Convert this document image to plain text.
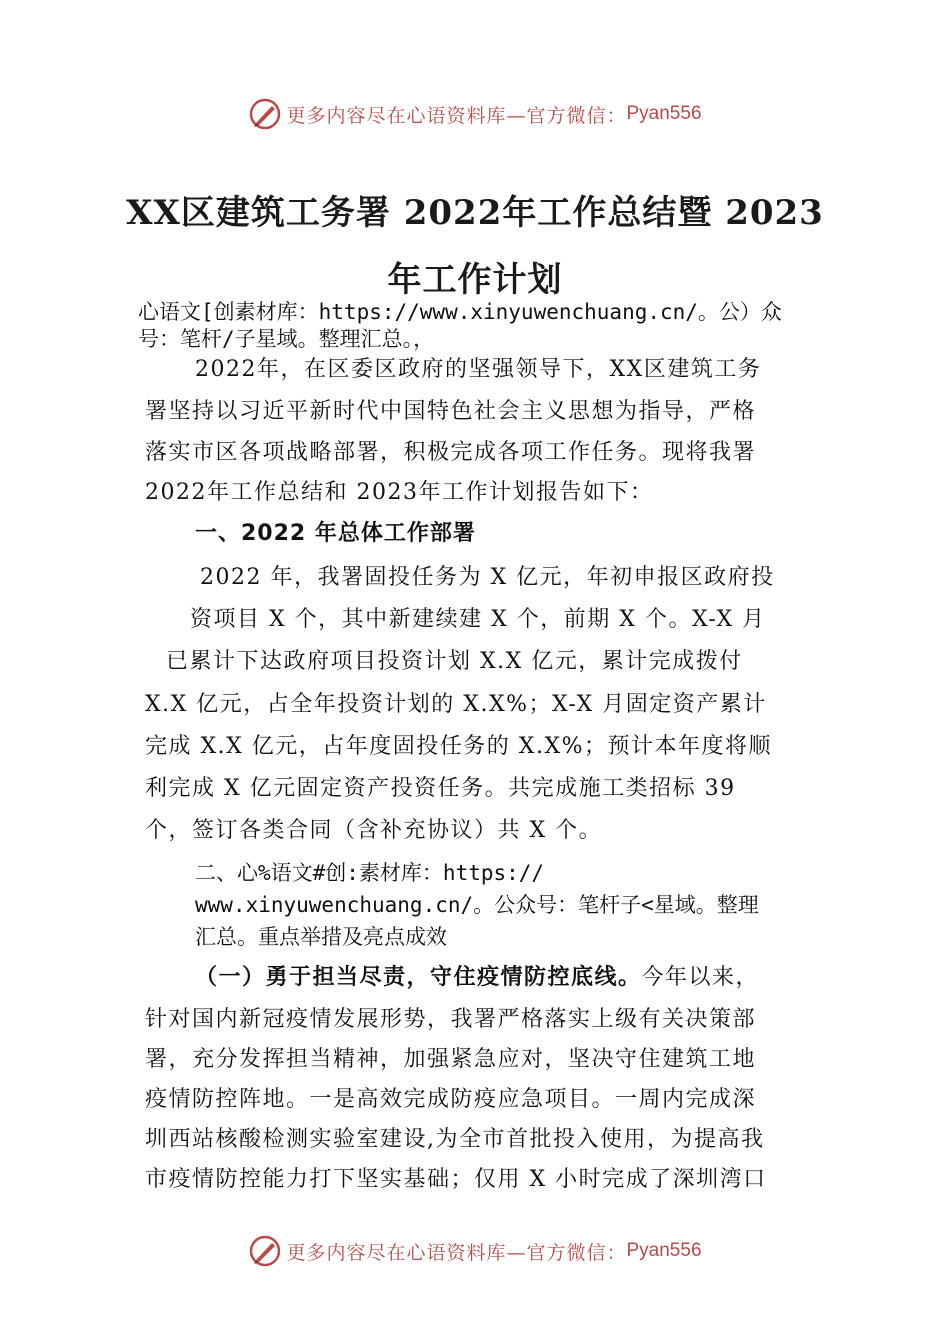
更多内容尽在心语资料库—官方微信： Pyan556
XX区建筑工务署 2022年工作总结暨 2023
年工作计划
心语文[创素材库：https://www.xinyuwenchuang.cn/。公）众
号：笔杆/子星域。整理汇总。，
2022年，在区委区政府的坚强领导下，XX区建筑工务
署坚持以习近平新时代中国特色社会主义思想为指导，严格
落实市区各项战略部署，积极完成各项工作任务。现将我署
2022年工作总结和 2023年工作计划报告如下：
一、2022 年总体工作部署
2022 年，我署固投任务为 X 亿元，年初申报区政府投
资项目 X 个，其中新建续建 X 个，前期 X 个。X-X 月
已累计下达政府项目投资计划 X.X 亿元，累计完成拨付
X.X 亿元，占全年投资计划的 X.X%；X-X 月固定资产累计
完成 X.X 亿元，占年度固投任务的 X.X%；预计本年度将顺
利完成 X 亿元固定资产投资任务。共完成施工类招标 39
个，签订各类合同（含补充协议）共 X 个。
二、心%语文#创:素材库：https://
www.xinyuwenchuang.cn/。公众号：笔杆子<星域。整理
汇总。重点举措及亮点成效
（一）勇于担当尽责，守住疫情防控底线。今年以来，
针对国内新冠疫情发展形势，我署严格落实上级有关决策部
署，充分发挥担当精神，加强紧急应对，坚决守住建筑工地
疫情防控阵地。一是高效完成防疫应急项目。一周内完成深
圳西站核酸检测实验室建设,为全市首批投入使用，为提高我
市疫情防控能力打下坚实基础；仅用 X 小时完成了深圳湾口
更多内容尽在心语资料库—官方微信： Pyan556
